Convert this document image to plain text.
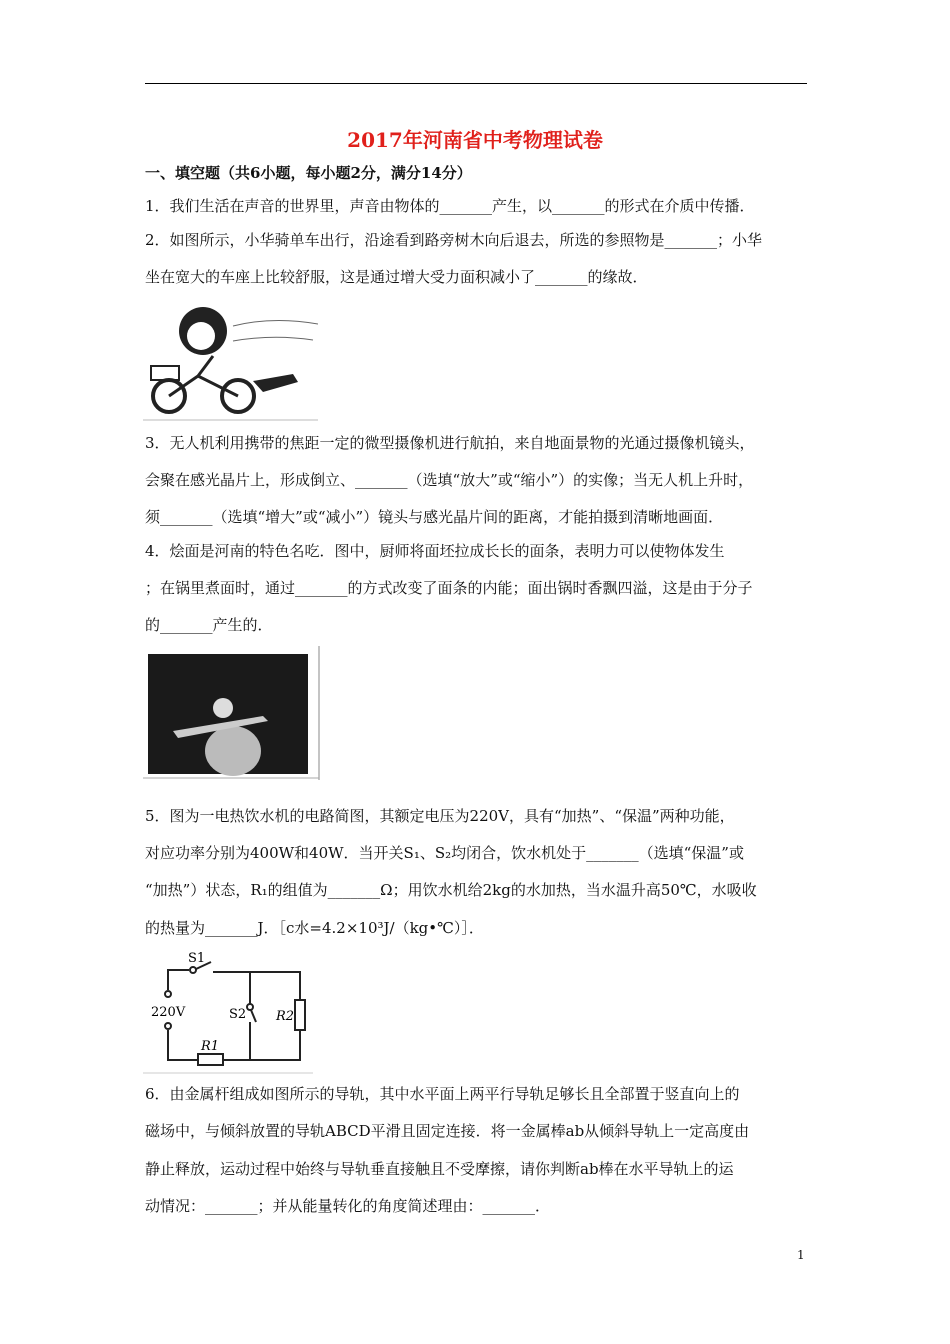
2017年河南省中考物理试卷
一、填空题（共6小题，每小题2分，满分14分）
1．我们生活在声音的世界里，声音由物体的_______产生，以_______的形式在介质中传播．
2．如图所示，小华骑单车出行，沿途看到路旁树木向后退去，所选的参照物是_______；小华
坐在宽大的车座上比较舒服，这是通过增大受力面积减小了_______的缘故．
3．无人机利用携带的焦距一定的微型摄像机进行航拍，来自地面景物的光通过摄像机镜头，
会聚在感光晶片上，形成倒立、_______（选填“放大”或“缩小”）的实像；当无人机上升时，
须_______（选填“增大”或“减小”）镜头与感光晶片间的距离，才能拍摄到清晰地画面．
4．烩面是河南的特色名吃．图中，厨师将面坯拉成长长的面条，表明力可以使物体发生
；在锅里煮面时，通过_______的方式改变了面条的内能；面出锅时香飘四溢，这是由于分子
的_______产生的．
5．图为一电热饮水机的电路简图，其额定电压为220V，具有“加热”、“保温”两种功能，
对应功率分别为400W和40W．当开关S₁、S₂均闭合，饮水机处于_______（选填“保温”或
“加热”）状态，R₁的组值为_______Ω；用饮水机给2kg的水加热，当水温升高50℃，水吸收
的热量为_______J．［c水=4.2×10³J/（kg•℃）］．
S1
220V	S2 R2
R1
6．由金属杆组成如图所示的导轨，其中水平面上两平行导轨足够长且全部置于竖直向上的
磁场中，与倾斜放置的导轨ABCD平滑且固定连接．将一金属棒ab从倾斜导轨上一定高度由
静止释放，运动过程中始终与导轨垂直接触且不受摩擦，请你判断ab棒在水平导轨上的运
动情况：_______；并从能量转化的角度简述理由：_______．
1
